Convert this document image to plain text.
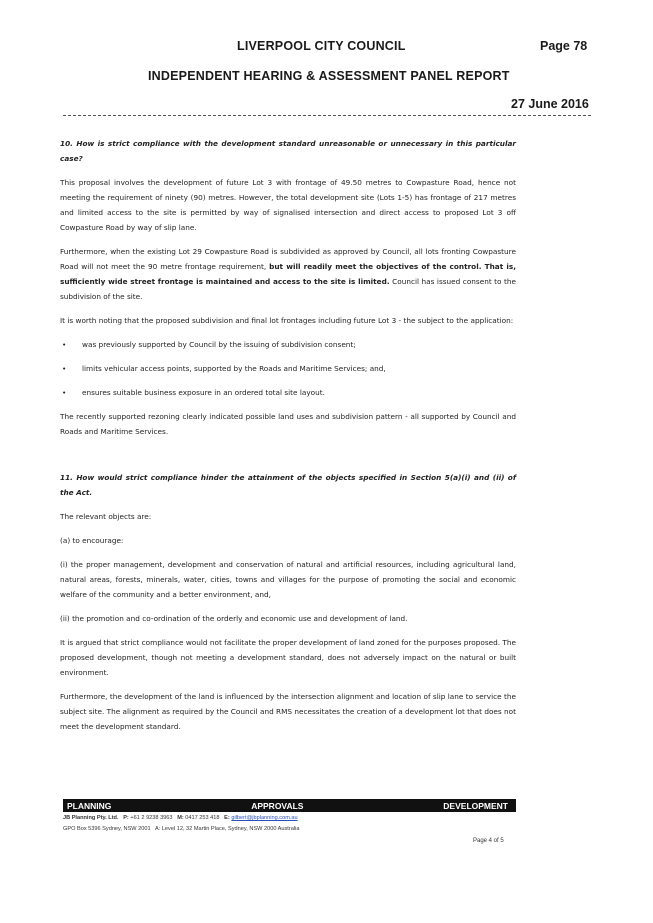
LIVERPOOL CITY COUNCIL	Page 78
INDEPENDENT HEARING & ASSESSMENT PANEL REPORT
27 June 2016

10. How is strict compliance with the development standard unreasonable or unnecessary in this particular case?

This proposal involves the development of future Lot 3 with frontage of 49.50 metres to Cowpasture Road, hence not meeting the requirement of ninety (90) metres. However, the total development site (Lots 1-5) has frontage of 217 metres and limited access to the site is permitted by way of signalised intersection and direct access to proposed Lot 3 off Cowpasture Road by way of slip lane.

Furthermore, when the existing Lot 29 Cowpasture Road is subdivided as approved by Council, all lots fronting Cowpasture Road will not meet the 90 metre frontage requirement, but will readily meet the objectives of the control. That is, sufficiently wide street frontage is maintained and access to the site is limited. Council has issued consent to the subdivision of the site.

It is worth noting that the proposed subdivision and final lot frontages including future Lot 3 - the subject to the application:

• was previously supported by Council by the issuing of subdivision consent;
• limits vehicular access points, supported by the Roads and Maritime Services; and,
• ensures suitable business exposure in an ordered total site layout.

The recently supported rezoning clearly indicated possible land uses and subdivision pattern - all supported by Council and Roads and Maritime Services.

11. How would strict compliance hinder the attainment of the objects specified in Section 5(a)(i) and (ii) of the Act.

The relevant objects are:

(a) to encourage:

(i) the proper management, development and conservation of natural and artificial resources, including agricultural land, natural areas, forests, minerals, water, cities, towns and villages for the purpose of promoting the social and economic welfare of the community and a better environment, and,

(ii) the promotion and co-ordination of the orderly and economic use and development of land.

It is argued that strict compliance would not facilitate the proper development of land zoned for the purposes proposed. The proposed development, though not meeting a development standard, does not adversely impact on the natural or built environment.

Furthermore, the development of the land is influenced by the intersection alignment and location of slip lane to service the subject site. The alignment as required by the Council and RMS necessitates the creation of a development lot that does not meet the development standard.

PLANNING	APPROVALS	DEVELOPMENT
JB Planning Pty. Ltd. P: +61 2 9238 3963 M: 0417 253 418 E: gilbert@jbplanning.com.au
GPO Box 5396 Sydney, NSW 2001 A: Level 12, 32 Martin Place, Sydney, NSW 2000 Australia
Page 4 of 5
